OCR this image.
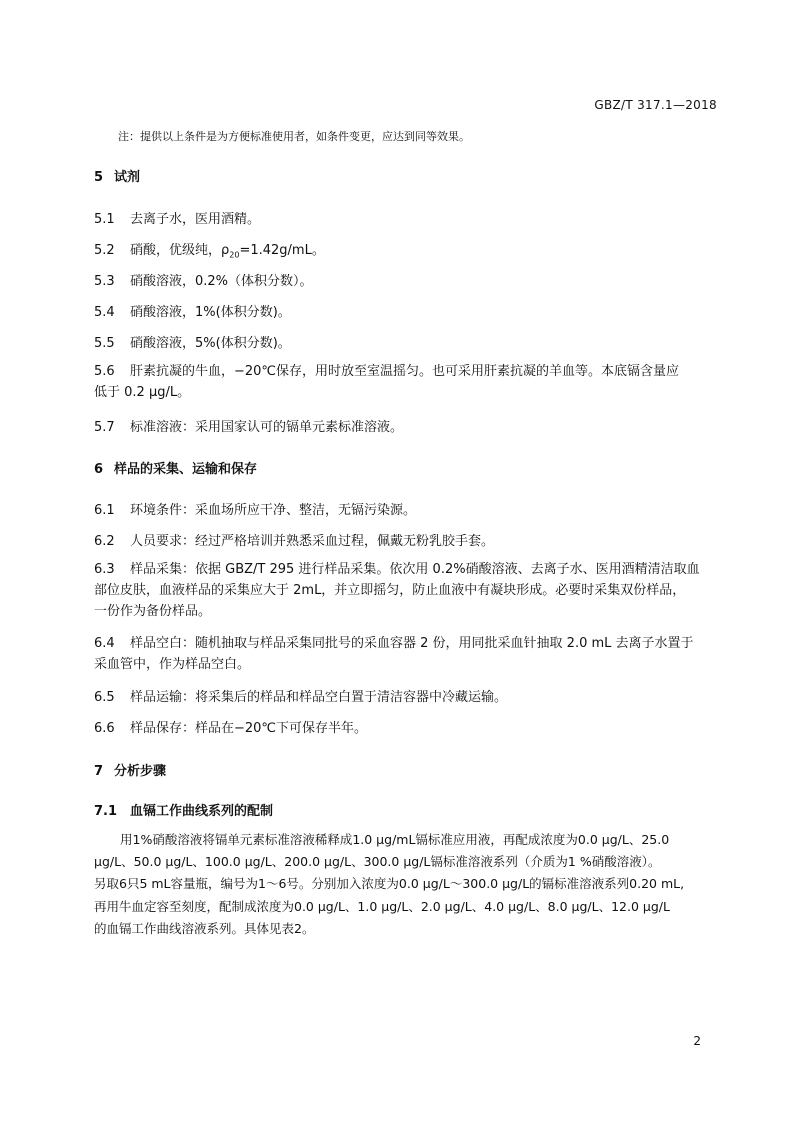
GBZ/T 317.1—2018
注：提供以上条件是为方便标准使用者，如条件变更，应达到同等效果。
5 试剂
5.1 去离子水，医用酒精。
5.2 硝酸，优级纯，$\rho_{20}=1.42g/mL$。
5.3 硝酸溶液，0.2%（体积分数）。
5.4 硝酸溶液，1%(体积分数)。
5.5 硝酸溶液，5%(体积分数)。
5.6 肝素抗凝的牛血，−20℃保存，用时放至室温摇匀。也可采用肝素抗凝的羊血等。本底镉含量应
低于 0.2 μg/L。
5.7 标准溶液：采用国家认可的镉单元素标准溶液。
6 样品的采集、运输和保存
6.1 环境条件：采血场所应干净、整洁，无镉污染源。
6.2 人员要求：经过严格培训并熟悉采血过程，佩戴无粉乳胶手套。
6.3 样品采集：依据 GBZ/T 295 进行样品采集。依次用 0.2%硝酸溶液、去离子水、医用酒精清洁取血
部位皮肤，血液样品的采集应大于 2mL，并立即摇匀，防止血液中有凝块形成。必要时采集双份样品，
一份作为备份样品。
6.4 样品空白：随机抽取与样品采集同批号的采血容器 2 份，用同批采血针抽取 2.0 mL 去离子水置于
采血管中，作为样品空白。
6.5 样品运输：将采集后的样品和样品空白置于清洁容器中冷藏运输。
6.6 样品保存：样品在−20℃下可保存半年。
7 分析步骤
7.1 血镉工作曲线系列的配制
用1%硝酸溶液将镉单元素标准溶液稀释成1.0 μg/mL镉标准应用液，再配成浓度为0.0 μg/L、25.0
μg/L、50.0 μg/L、100.0 μg/L、200.0 μg/L、300.0 μg/L镉标准溶液系列（介质为1 %硝酸溶液）。
另取6只5 mL容量瓶，编号为1～6号。分别加入浓度为0.0 μg/L～300.0 μg/L的镉标准溶液系列0.20 mL,
再用牛血定容至刻度，配制成浓度为0.0 μg/L、1.0 μg/L、2.0 μg/L、4.0 μg/L、8.0 μg/L、12.0 μg/L
的血镉工作曲线溶液系列。具体见表2。
2
